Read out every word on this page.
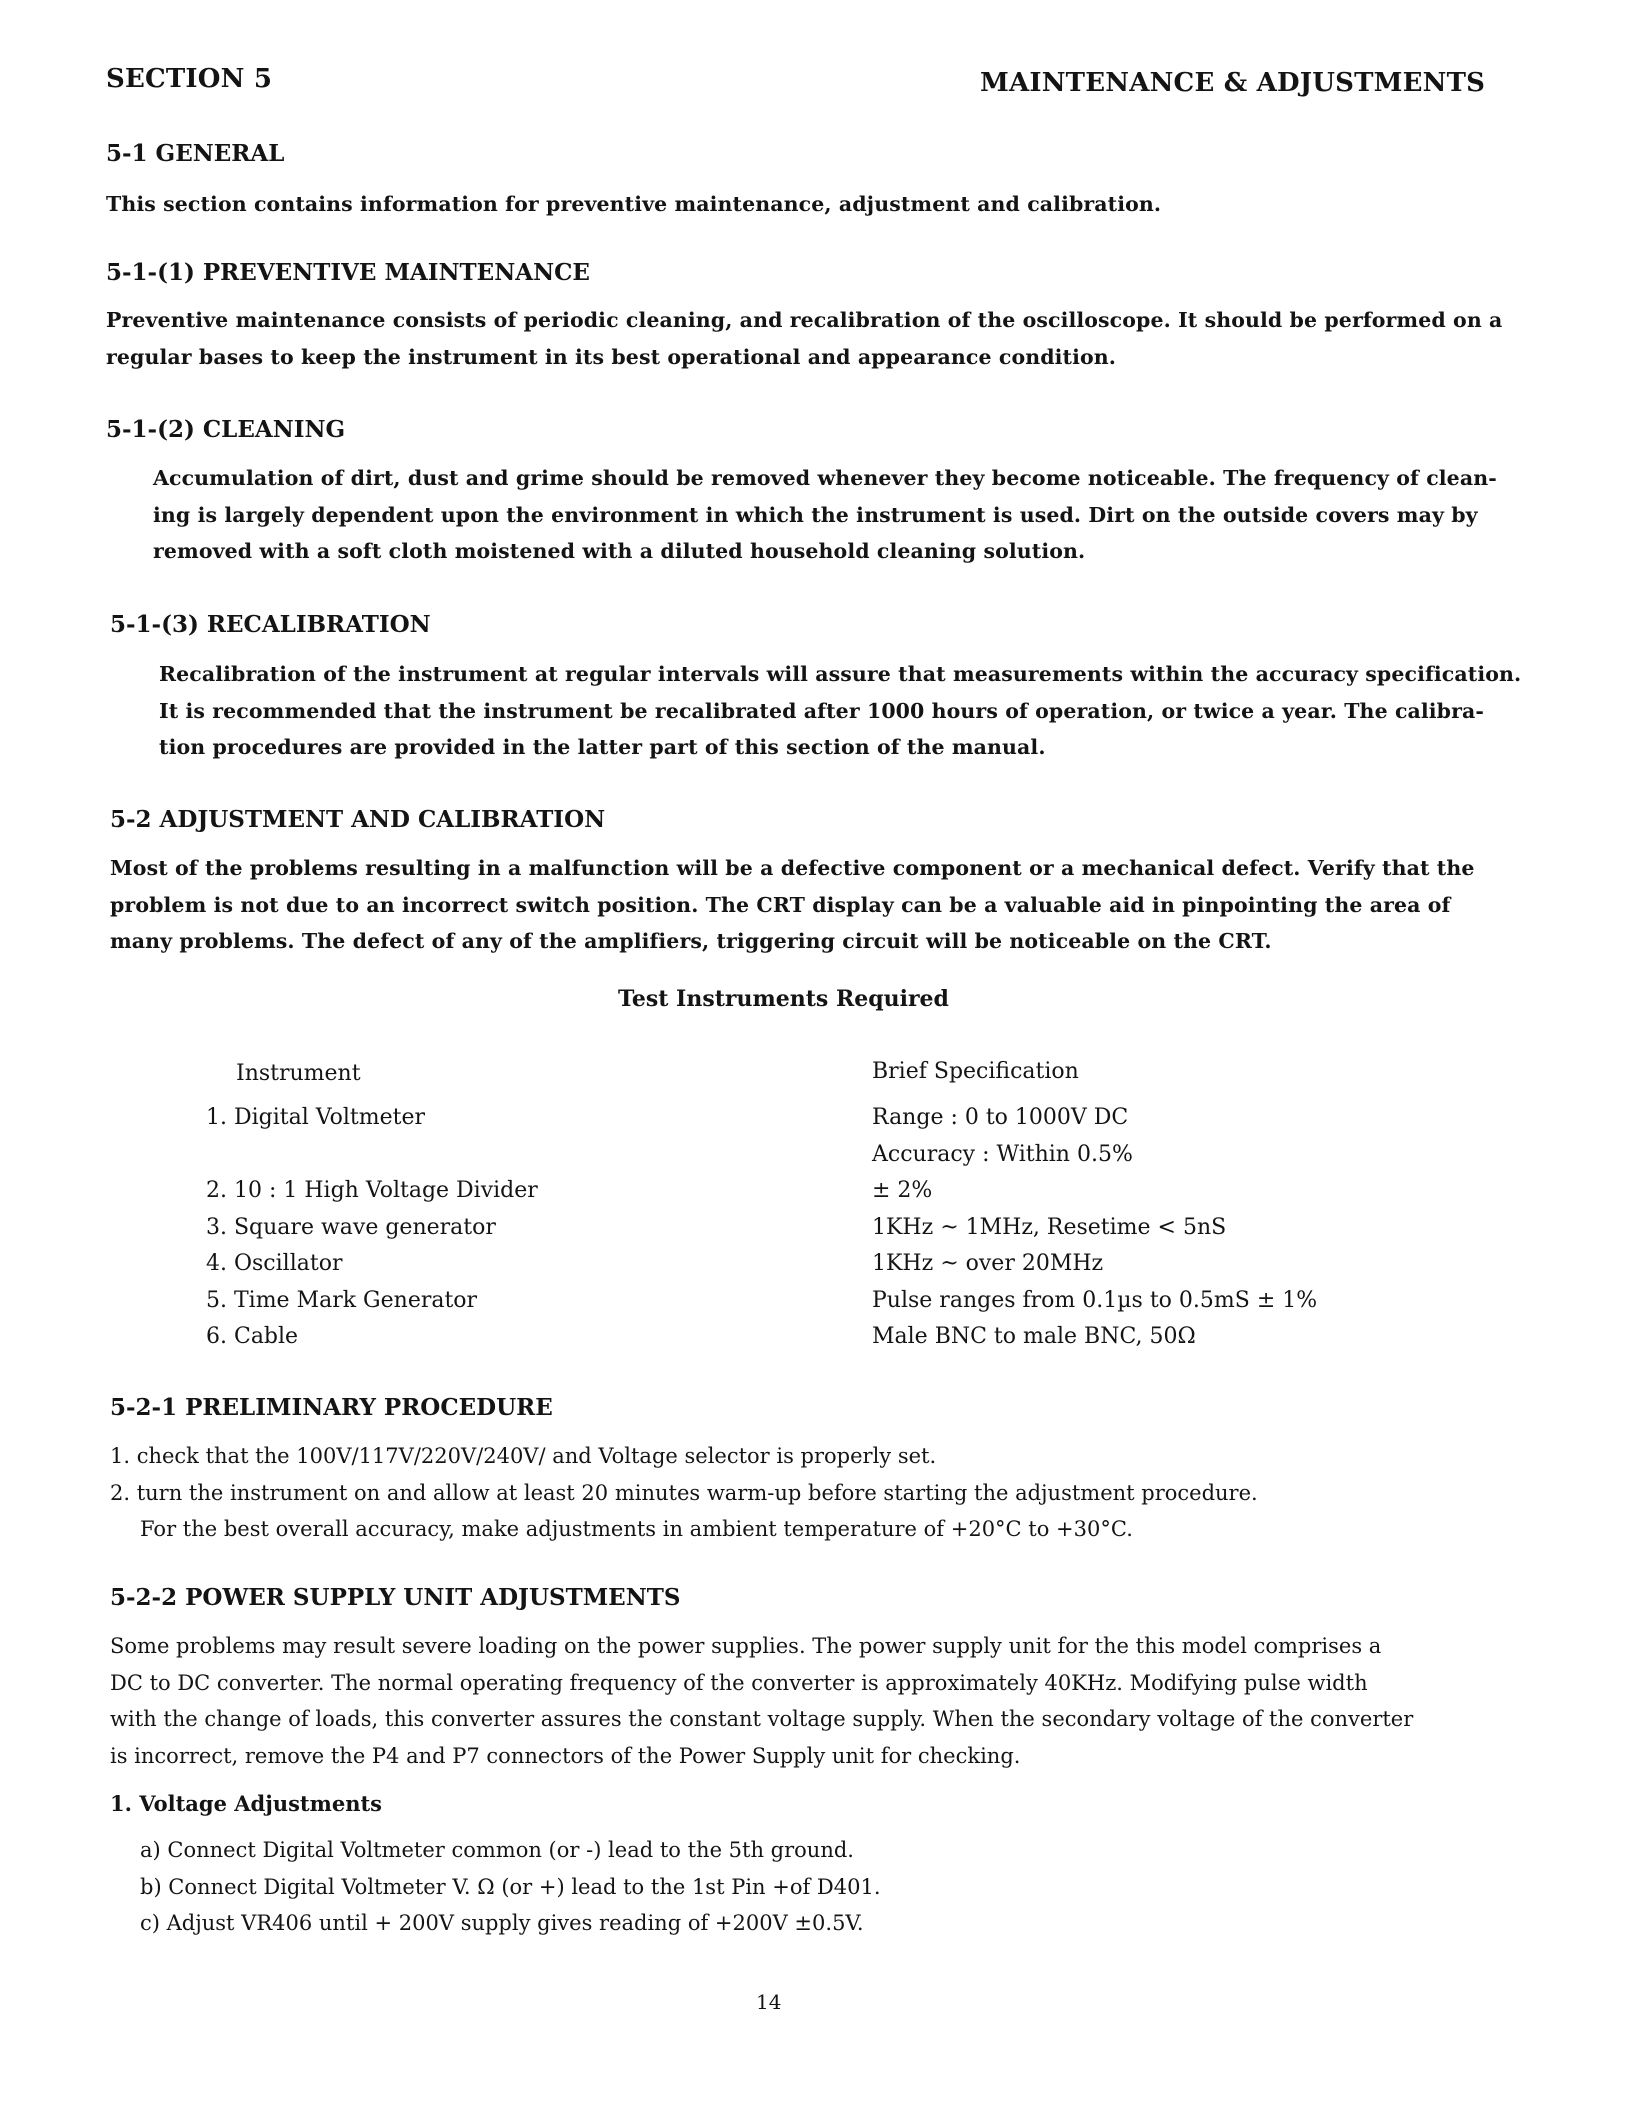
SECTION 5	MAINTENANCE & ADJUSTMENTS
5-1 GENERAL
This section contains information for preventive maintenance, adjustment and calibration.
5-1-(1) PREVENTIVE MAINTENANCE
Preventive maintenance consists of periodic cleaning, and recalibration of the oscilloscope. It should be performed on a
regular bases to keep the instrument in its best operational and appearance condition.
5-1-(2) CLEANING
Accumulation of dirt, dust and grime should be removed whenever they become noticeable. The frequency of clean-
ing is largely dependent upon the environment in which the instrument is used. Dirt on the outside covers may by
removed with a soft cloth moistened with a diluted household cleaning solution.
5-1-(3) RECALIBRATION
Recalibration of the instrument at regular intervals will assure that measurements within the accuracy specification.
It is recommended that the instrument be recalibrated after 1000 hours of operation, or twice a year. The calibra-
tion procedures are provided in the latter part of this section of the manual.
5-2 ADJUSTMENT AND CALIBRATION
Most of the problems resulting in a malfunction will be a defective component or a mechanical defect. Verify that the
problem is not due to an incorrect switch position. The CRT display can be a valuable aid in pinpointing the area of
many problems. The defect of any of the amplifiers, triggering circuit will be noticeable on the CRT.
Test Instruments Required
Instrument	Brief Specification
1. Digital Voltmeter

2. 10 : 1 High Voltage Divider
3. Square wave generator
4. Oscillator
5. Time Mark Generator
6. Cable
Range : 0 to 1000V DC
Accuracy : Within 0.5%
± 2%
1KHz ~ 1MHz, Resetime < 5nS
1KHz ~ over 20MHz
Pulse ranges from 0.1µs to 0.5mS ± 1%
Male BNC to male BNC, 50Ω
5-2-1 PRELIMINARY PROCEDURE
1. check that the 100V/117V/220V/240V/ and Voltage selector is properly set.
2. turn the instrument on and allow at least 20 minutes warm-up before starting the adjustment procedure.
For the best overall accuracy, make adjustments in ambient temperature of +20°C to +30°C.
5-2-2 POWER SUPPLY UNIT ADJUSTMENTS
Some problems may result severe loading on the power supplies. The power supply unit for the this model comprises a
DC to DC converter. The normal operating frequency of the converter is approximately 40KHz. Modifying pulse width
with the change of loads, this converter assures the constant voltage supply. When the secondary voltage of the converter
is incorrect, remove the P4 and P7 connectors of the Power Supply unit for checking.
1. Voltage Adjustments
a) Connect Digital Voltmeter common (or -) lead to the 5th ground.
b) Connect Digital Voltmeter V. Ω (or +) lead to the 1st Pin +of D401.
c) Adjust VR406 until + 200V supply gives reading of +200V ±0.5V.
14
